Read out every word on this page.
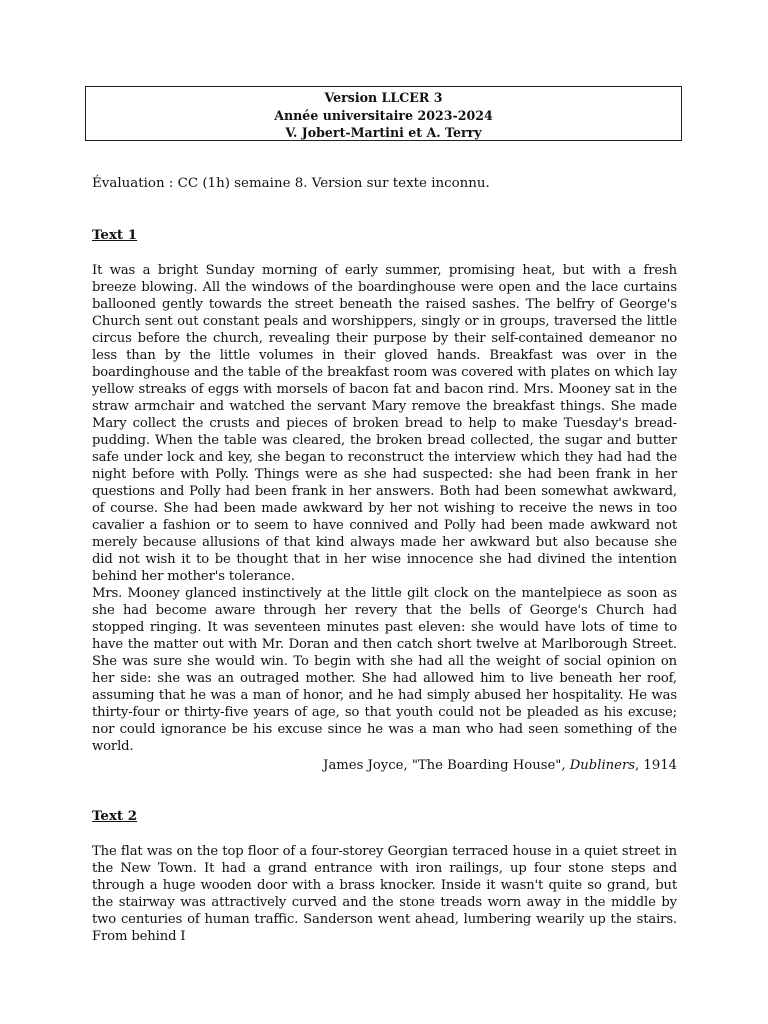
Version LLCER 3
Année universitaire 2023-2024
V. Jobert-Martini et A. Terry
Évaluation : CC (1h) semaine 8. Version sur texte inconnu.
Text 1

It was a bright Sunday morning of early summer, promising heat, but with a fresh breeze blowing. All the windows of the boardinghouse were open and the lace curtains ballooned gently towards the street beneath the raised sashes. The belfry of George's Church sent out constant peals and worshippers, singly or in groups, traversed the little circus before the church, revealing their purpose by their self-contained demeanor no less than by the little volumes in their gloved hands. Breakfast was over in the boardinghouse and the table of the breakfast room was covered with plates on which lay yellow streaks of eggs with morsels of bacon fat and bacon rind. Mrs. Mooney sat in the straw armchair and watched the servant Mary remove the breakfast things. She made Mary collect the crusts and pieces of broken bread to help to make Tuesday's bread-pudding. When the table was cleared, the broken bread collected, the sugar and butter safe under lock and key, she began to reconstruct the interview which they had had the night before with Polly. Things were as she had suspected: she had been frank in her questions and Polly had been frank in her answers. Both had been somewhat awkward, of course. She had been made awkward by her not wishing to receive the news in too cavalier a fashion or to seem to have connived and Polly had been made awkward not merely because allusions of that kind always made her awkward but also because she did not wish it to be thought that in her wise innocence she had divined the intention behind her mother's tolerance.

Mrs. Mooney glanced instinctively at the little gilt clock on the mantelpiece as soon as she had become aware through her revery that the bells of George's Church had stopped ringing. It was seventeen minutes past eleven: she would have lots of time to have the matter out with Mr. Doran and then catch short twelve at Marlborough Street. She was sure she would win. To begin with she had all the weight of social opinion on her side: she was an outraged mother. She had allowed him to live beneath her roof, assuming that he was a man of honor, and he had simply abused her hospitality. He was thirty-four or thirty-five years of age, so that youth could not be pleaded as his excuse; nor could ignorance be his excuse since he was a man who had seen something of the world.

James Joyce, "The Boarding House", Dubliners, 1914
Text 2

The flat was on the top floor of a four-storey Georgian terraced house in a quiet street in the New Town. It had a grand entrance with iron railings, up four stone steps and through a huge wooden door with a brass knocker. Inside it wasn't quite so grand, but the stairway was attractively curved and the stone treads worn away in the middle by two centuries of human traffic. Sanderson went ahead, lumbering wearily up the stairs. From behind I
